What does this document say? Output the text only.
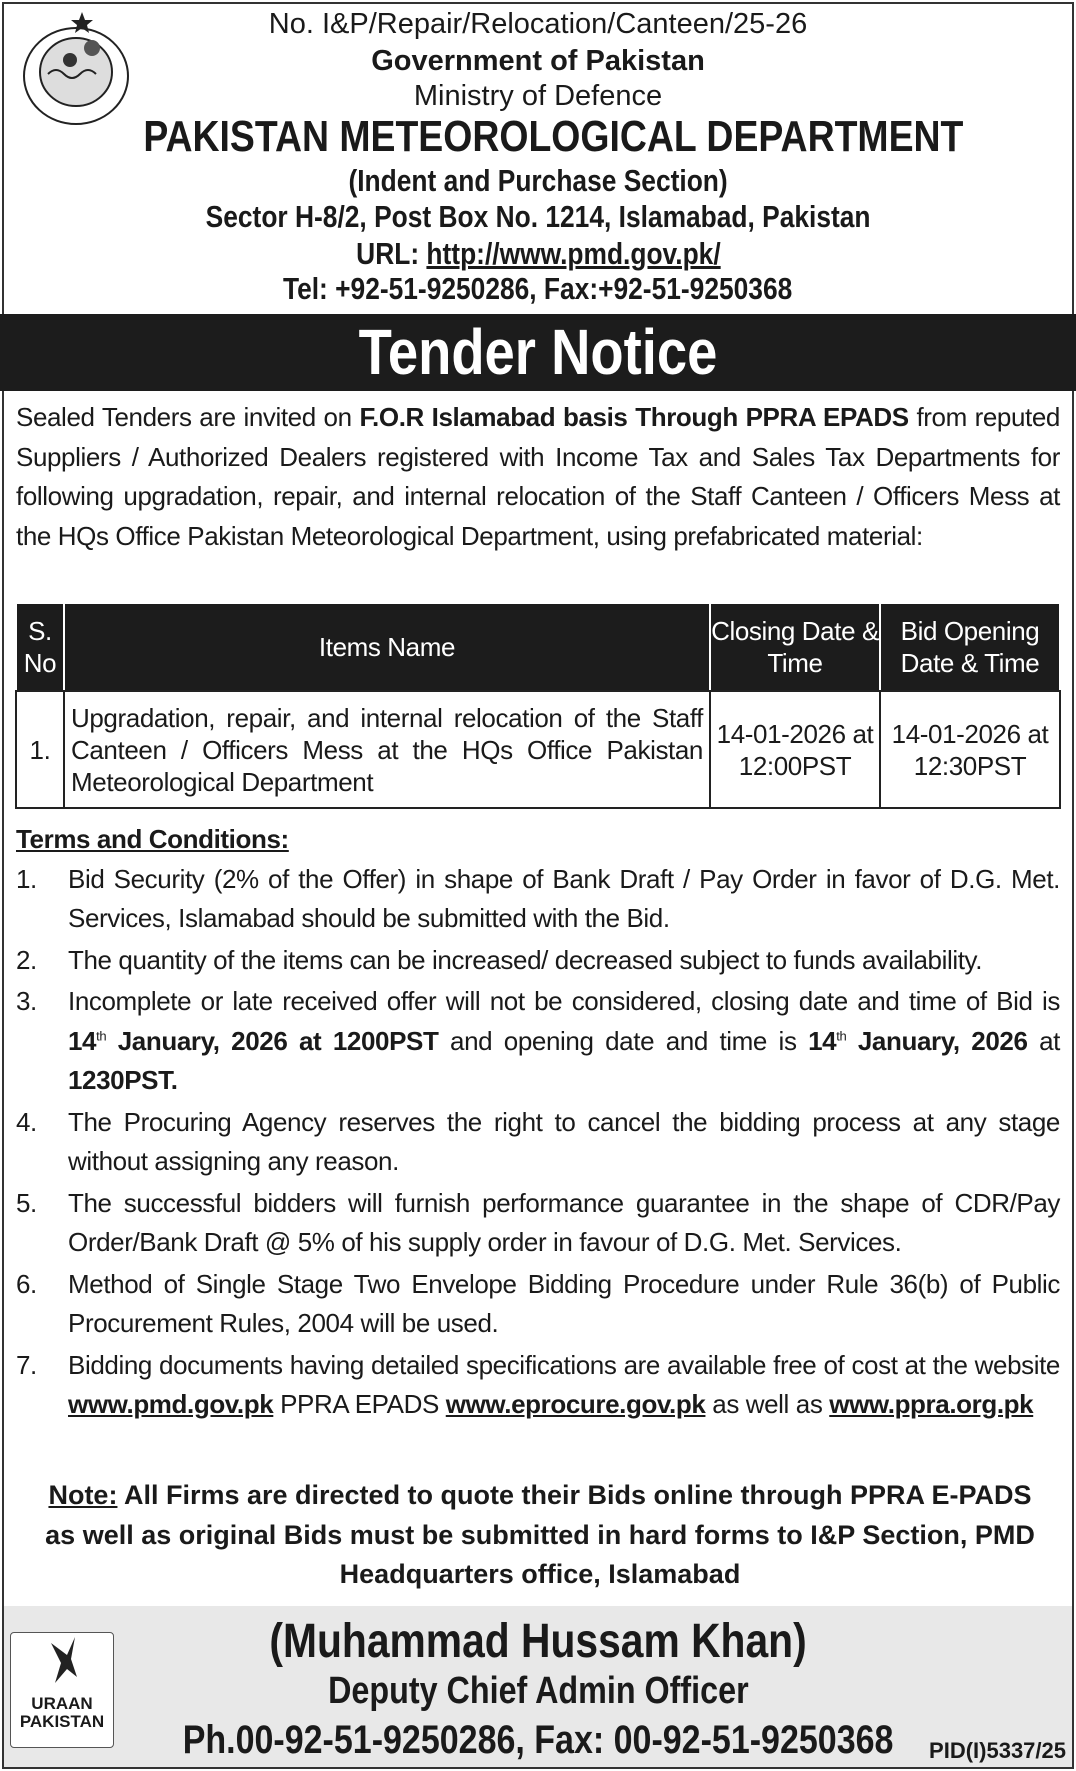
No. I&P/Repair/Relocation/Canteen/25-26
Government of Pakistan
Ministry of Defence
PAKISTAN METEOROLOGICAL DEPARTMENT
(Indent and Purchase Section)
Sector H-8/2, Post Box No. 1214, Islamabad, Pakistan
URL: http://www.pmd.gov.pk/
Tel: +92-51-9250286, Fax:+92-51-9250368
Tender Notice

Sealed Tenders are invited on F.O.R Islamabad basis Through PPRA EPADS from reputed Suppliers / Authorized Dealers registered with Income Tax and Sales Tax Departments for following upgradation, repair, and internal relocation of the Staff Canteen / Officers Mess at the HQs Office Pakistan Meteorological Department, using prefabricated material:

S. No	Items Name	Closing Date & Time	Bid Opening Date & Time
1.	Upgradation, repair, and internal relocation of the Staff Canteen / Officers Mess at the HQs Office Pakistan Meteorological Department	14-01-2026 at 12:00PST	14-01-2026 at 12:30PST
Terms and Conditions:
1. Bid Security (2% of the Offer) in shape of Bank Draft / Pay Order in favor of D.G. Met. Services, Islamabad should be submitted with the Bid.
2. The quantity of the items can be increased/ decreased subject to funds availability.
3. Incomplete or late received offer will not be considered, closing date and time of Bid is 14th January, 2026 at 1200PST and opening date and time is 14th January, 2026 at 1230PST.
4. The Procuring Agency reserves the right to cancel the bidding process at any stage without assigning any reason.
5. The successful bidders will furnish performance guarantee in the shape of CDR/Pay Order/Bank Draft @ 5% of his supply order in favour of D.G. Met. Services.
6. Method of Single Stage Two Envelope Bidding Procedure under Rule 36(b) of Public Procurement Rules, 2004 will be used.
7. Bidding documents having detailed specifications are available free of cost at the website www.pmd.gov.pk PPRA EPADS www.eprocure.gov.pk as well as www.ppra.org.pk

Note: All Firms are directed to quote their Bids online through PPRA E-PADS as well as original Bids must be submitted in hard forms to I&P Section, PMD Headquarters office, Islamabad

URAAN
PAKISTAN
(Muhammad Hussam Khan)
Deputy Chief Admin Officer
Ph.00-92-51-9250286, Fax: 00-92-51-9250368	PID(I)5337/25
